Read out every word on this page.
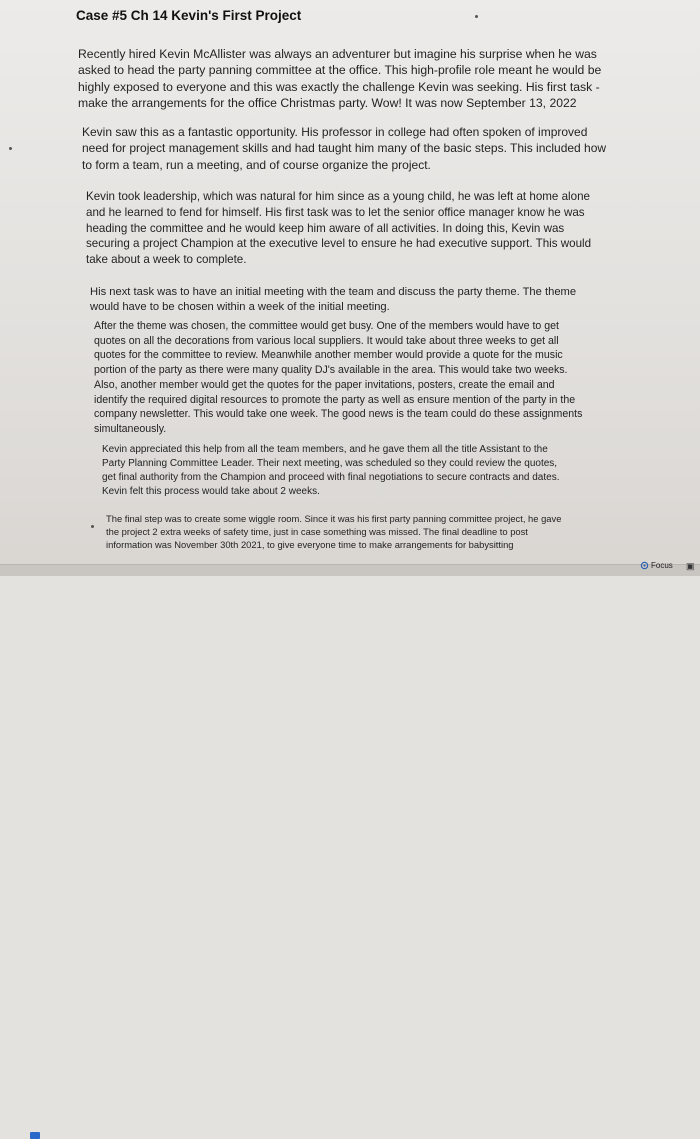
Case #5 Ch 14 Kevin's First Project

Recently hired Kevin McAllister was always an adventurer but imagine his surprise when he was asked to head the party panning committee at the office. This high-profile role meant he would be highly exposed to everyone and this was exactly the challenge Kevin was seeking. His first task - make the arrangements for the office Christmas party. Wow! It was now September 13, 2022

Kevin saw this as a fantastic opportunity. His professor in college had often spoken of improved need for project management skills and had taught him many of the basic steps. This included how to form a team, run a meeting, and of course organize the project.

Kevin took leadership, which was natural for him since as a young child, he was left at home alone and he learned to fend for himself. His first task was to let the senior office manager know he was heading the committee and he would keep him aware of all activities. In doing this, Kevin was securing a project Champion at the executive level to ensure he had executive support. This would take about a week to complete.

His next task was to have an initial meeting with the team and discuss the party theme. The theme would have to be chosen within a week of the initial meeting.

After the theme was chosen, the committee would get busy. One of the members would have to get quotes on all the decorations from various local suppliers. It would take about three weeks to get all quotes for the committee to review. Meanwhile another member would provide a quote for the music portion of the party as there were many quality DJ's available in the area. This would take two weeks. Also, another member would get the quotes for the paper invitations, posters, create the email and identify the required digital resources to promote the party as well as ensure mention of the party in the company newsletter. This would take one week. The good news is the team could do these assignments simultaneously.

Kevin appreciated this help from all the team members, and he gave them all the title Assistant to the Party Planning Committee Leader. Their next meeting, was scheduled so they could review the quotes, get final authority from the Champion and proceed with final negotiations to secure contracts and dates. Kevin felt this process would take about 2 weeks.

The final step was to create some wiggle room. Since it was his first party panning committee project, he gave the project 2 extra weeks of safety time, just in case something was missed. The final deadline to post information was November 30th 2021, to give everyone time to make arrangements for babysitting

Focus ▣
